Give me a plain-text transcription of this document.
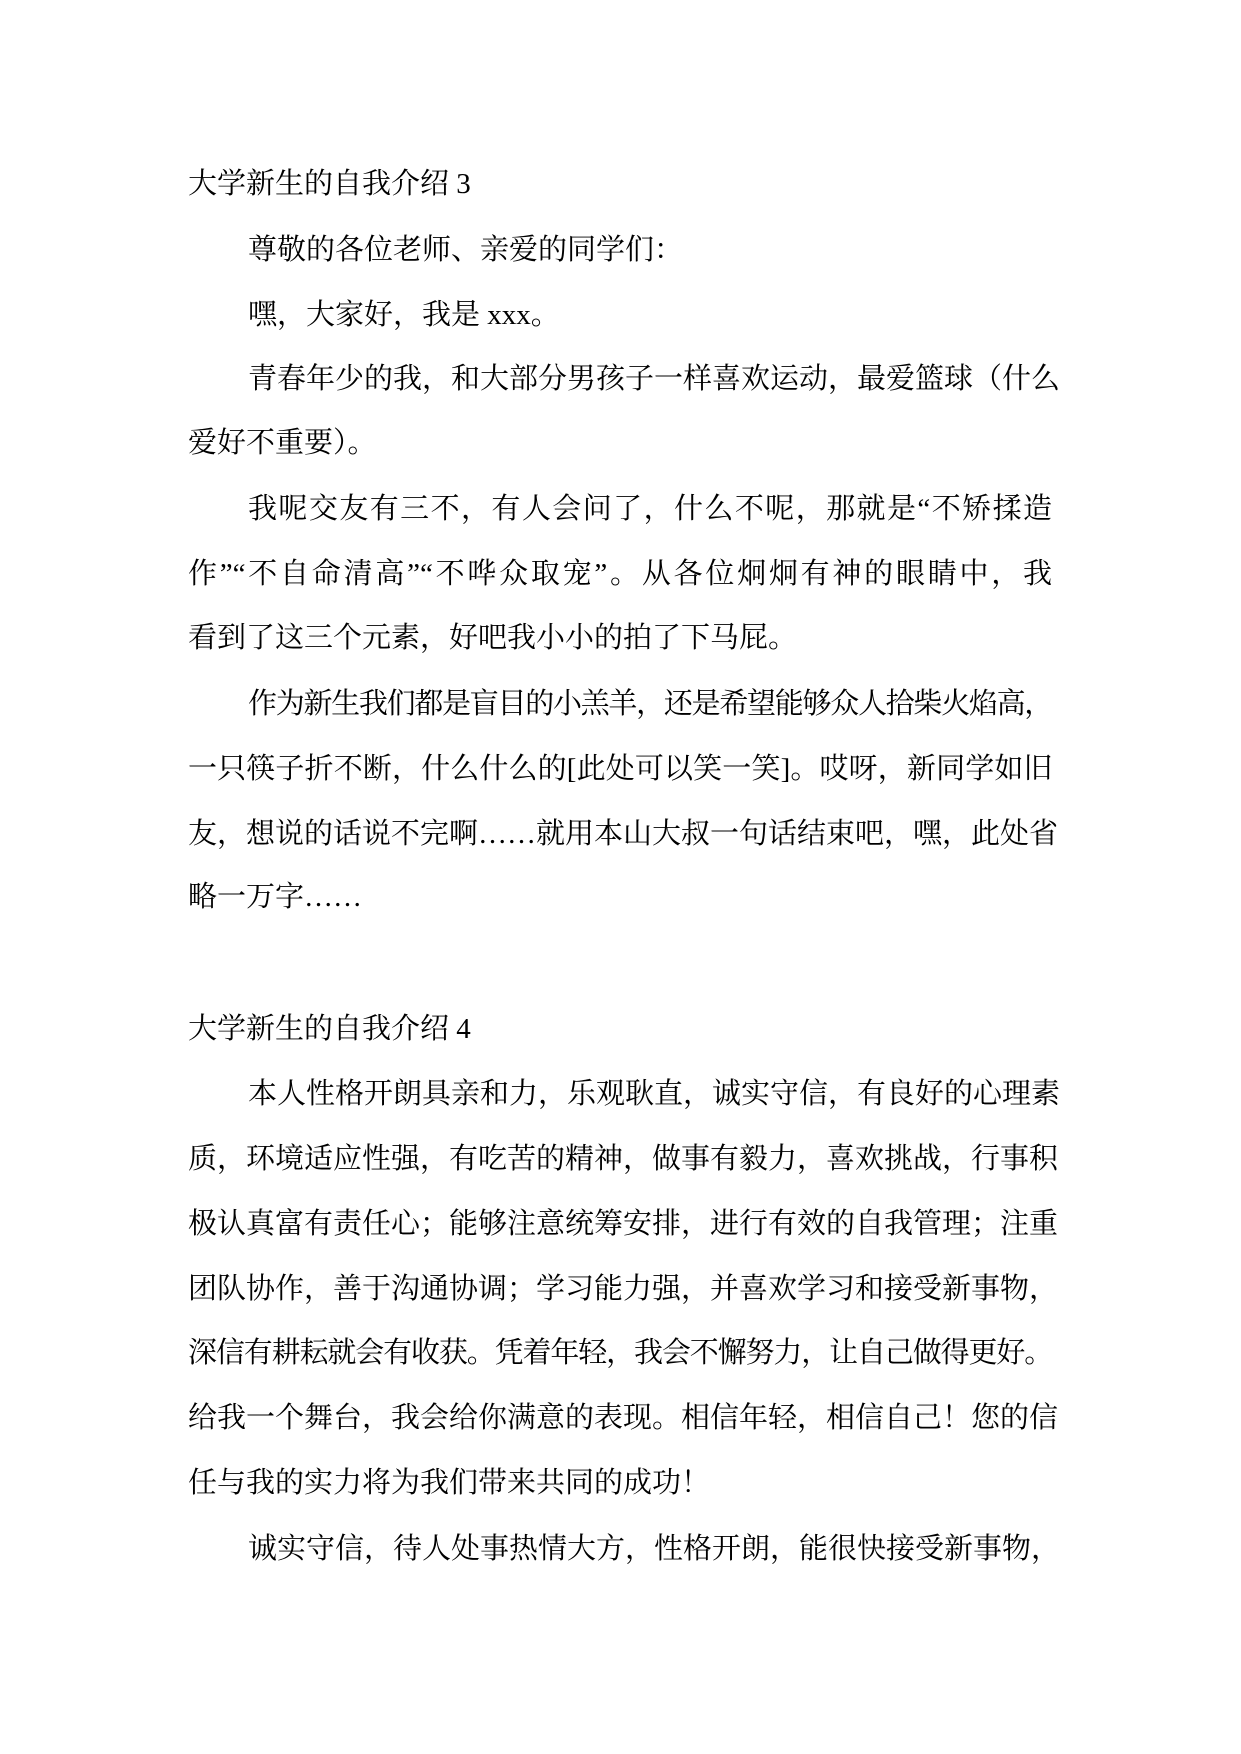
大学新生的自我介绍 3
尊敬的各位老师、亲爱的同学们：
嘿，大家好，我是 xxx。
青春年少的我，和大部分男孩子一样喜欢运动，最爱篮球（什么
爱好不重要）。
我呢交友有三不，有人会问了，什么不呢，那就是“不矫揉造
作”“不自命清高”“不哗众取宠”。从各位炯炯有神的眼睛中，我
看到了这三个元素，好吧我小小的拍了下马屁。
作为新生我们都是盲目的小羔羊，还是希望能够众人拾柴火焰高，
一只筷子折不断，什么什么的[此处可以笑一笑]。哎呀，新同学如旧
友，想说的话说不完啊……就用本山大叔一句话结束吧，嘿，此处省
略一万字……
大学新生的自我介绍 4
本人性格开朗具亲和力，乐观耿直，诚实守信，有良好的心理素
质，环境适应性强，有吃苦的精神，做事有毅力，喜欢挑战，行事积
极认真富有责任心；能够注意统筹安排，进行有效的自我管理；注重
团队协作，善于沟通协调；学习能力强，并喜欢学习和接受新事物，
深信有耕耘就会有收获。凭着年轻，我会不懈努力，让自己做得更好。
给我一个舞台，我会给你满意的表现。相信年轻，相信自己！您的信
任与我的实力将为我们带来共同的成功！
诚实守信，待人处事热情大方，性格开朗，能很快接受新事物，
